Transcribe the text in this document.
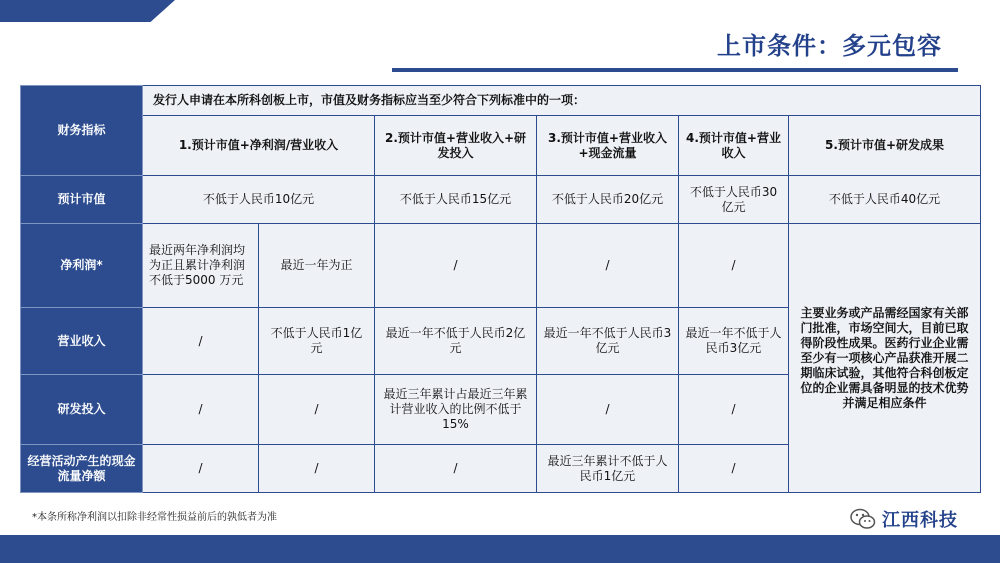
上市条件：多元包容
财务指标	发行人申请在本所科创板上市，市值及财务指标应当至少符合下列标准中的一项：					
	1.预计市值+净利润/营业收入		2.预计市值+营业收入+研发投入	3.预计市值+营业收入+现金流量	4.预计市值+营业收入	5.预计市值+研发成果
预计市值	不低于人民币10亿元		不低于人民币15亿元	不低于人民币20亿元	不低于人民币30亿元	不低于人民币40亿元
净利润*	最近两年净利润均为正且累计净利润不低于5000 万元	最近一年为正	/	/	/	主要业务或产品需经国家有关部门批准，市场空间大，目前已取得阶段性成果。医药行业企业需至少有一项核心产品获准开展二期临床试验，其他符合科创板定位的企业需具备明显的技术优势并满足相应条件
营业收入	/	不低于人民币1亿元	最近一年不低于人民币2亿元	最近一年不低于人民币3亿元	最近一年不低于人民币3亿元	
研发投入	/	/	最近三年累计占最近三年累计营业收入的比例不低于15%	/	/	
经营活动产生的现金流量净额	/	/	/	最近三年累计不低于人民币1亿元	/	
*本条所称净利润以扣除非经常性损益前后的孰低者为准	江西科技
